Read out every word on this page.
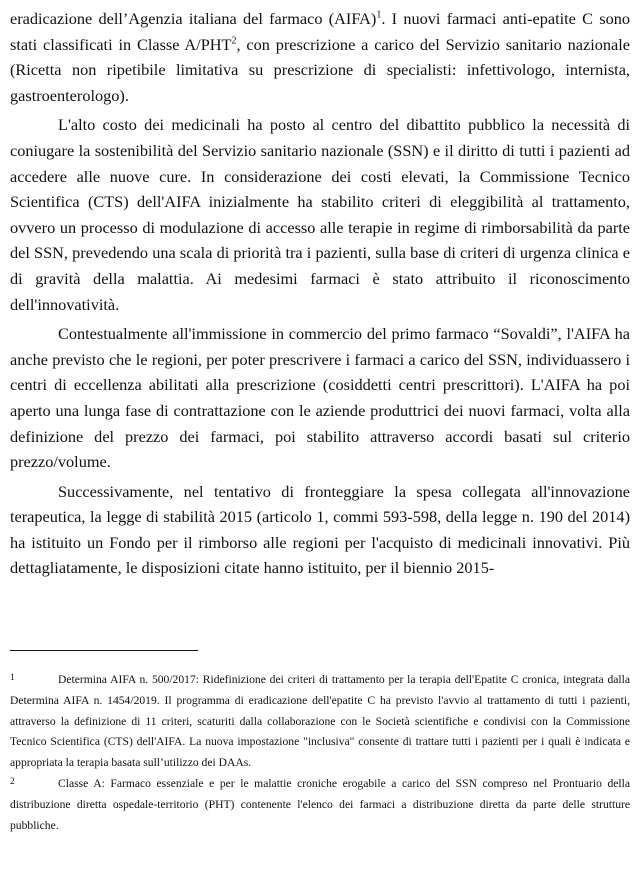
eradicazione dell’Agenzia italiana del farmaco (AIFA)$^1$. I nuovi farmaci anti-epatite C sono stati classificati in Classe A/PHT$^2$, con prescrizione a carico del Servizio sanitario nazionale (Ricetta non ripetibile limitativa su prescrizione di specialisti: infettivologo, internista, gastroenterologo).

L'alto costo dei medicinali ha posto al centro del dibattito pubblico la necessità di coniugare la sostenibilità del Servizio sanitario nazionale (SSN) e il diritto di tutti i pazienti ad accedere alle nuove cure. In considerazione dei costi elevati, la Commissione Tecnico Scientifica (CTS) dell'AIFA inizialmente ha stabilito criteri di eleggibilità al trattamento, ovvero un processo di modulazione di accesso alle terapie in regime di rimborsabilità da parte del SSN, prevedendo una scala di priorità tra i pazienti, sulla base di criteri di urgenza clinica e di gravità della malattia. Ai medesimi farmaci è stato attribuito il riconoscimento dell'innovatività.

Contestualmente all'immissione in commercio del primo farmaco “Sovaldi”, l'AIFA ha anche previsto che le regioni, per poter prescrivere i farmaci a carico del SSN, individuassero i centri di eccellenza abilitati alla prescrizione (cosiddetti centri prescrittori). L'AIFA ha poi aperto una lunga fase di contrattazione con le aziende produttrici dei nuovi farmaci, volta alla definizione del prezzo dei farmaci, poi stabilito attraverso accordi basati sul criterio prezzo/volume.

Successivamente, nel tentativo di fronteggiare la spesa collegata all'innovazione terapeutica, la legge di stabilità 2015 (articolo 1, commi 593-598, della legge n. 190 del 2014) ha istituito un Fondo per il rimborso alle regioni per l'acquisto di medicinali innovativi. Più dettagliatamente, le disposizioni citate hanno istituito, per il biennio 2015-

1	Determina AIFA n. 500/2017: Ridefinizione dei criteri di trattamento per la terapia dell'Epatite C cronica, integrata dalla Determina AIFA n. 1454/2019. Il programma di eradicazione dell'epatite C ha previsto l'avvio al trattamento di tutti i pazienti, attraverso la definizione di 11 criteri, scaturiti dalla collaborazione con le Società scientifiche e condivisi con la Commissione Tecnico Scientifica (CTS) dell'AIFA. La nuova impostazione "inclusiva" consente di trattare tutti i pazienti per i quali è indicata e appropriata la terapia basata sull’utilizzo dei DAAs.

2	Classe A: Farmaco essenziale e per le malattie croniche erogabile a carico del SSN compreso nel Prontuario della distribuzione diretta ospedale-territorio (PHT) contenente l'elenco dei farmaci a distribuzione diretta da parte delle strutture pubbliche.
